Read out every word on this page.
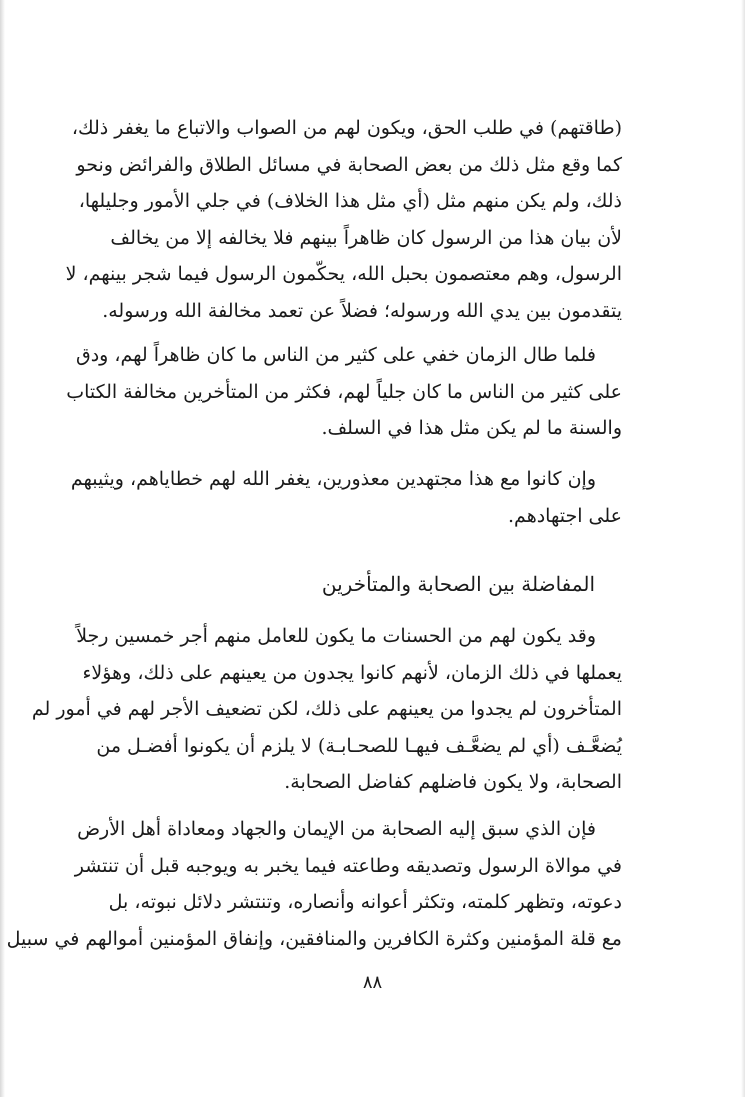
(طاقتهم) في طلب الحق، ويكون لهم من الصواب والاتباع ما يغفر ذلك،
كما وقع مثل ذلك من بعض الصحابة في مسائل الطلاق والفرائض ونحو
ذلك، ولم يكن منهم مثل (أي مثل هذا الخلاف) في جلي الأمور وجليلها،
لأن بيان هذا من الرسول كان ظاهراً بينهم فلا يخالفه إلا من يخالف
الرسول، وهم معتصمون بحبل الله، يحكّمون الرسول فيما شجر بينهم، لا
يتقدمون بين يدي الله ورسوله؛ فضلاً عن تعمد مخالفة الله ورسوله.
فلما طال الزمان خفي على كثير من الناس ما كان ظاهراً لهم، ودق
على كثير من الناس ما كان جلياً لهم، فكثر من المتأخرين مخالفة الكتاب
والسنة ما لم يكن مثل هذا في السلف.
وإن كانوا مع هذا مجتهدين معذورين، يغفر الله لهم خطاياهم، ويثيبهم
على اجتهادهم.
المفاضلة بين الصحابة والمتأخرين
وقد يكون لهم من الحسنات ما يكون للعامل منهم أجر خمسين رجلاً
يعملها في ذلك الزمان، لأنهم كانوا يجدون من يعينهم على ذلك، وهؤلاء
المتأخرون لم يجدوا من يعينهم على ذلك، لكن تضعيف الأجر لهم في أمور لم
يُضعَّـف (أي لم يضعَّـف فيهـا للصحـابـة) لا يلزم أن يكونوا أفضـل من
الصحابة، ولا يكون فاضلهم كفاضل الصحابة.
فإن الذي سبق إليه الصحابة من الإيمان والجهاد ومعاداة أهل الأرض
في موالاة الرسول وتصديقه وطاعته فيما يخبر به ويوجبه قبل أن تنتشر
دعوته، وتظهر كلمته، وتكثر أعوانه وأنصاره، وتنتشر دلائل نبوته، بل
مع قلة المؤمنين وكثرة الكافرين والمنافقين، وإنفاق المؤمنين أموالهم في سبيل
٨٨
